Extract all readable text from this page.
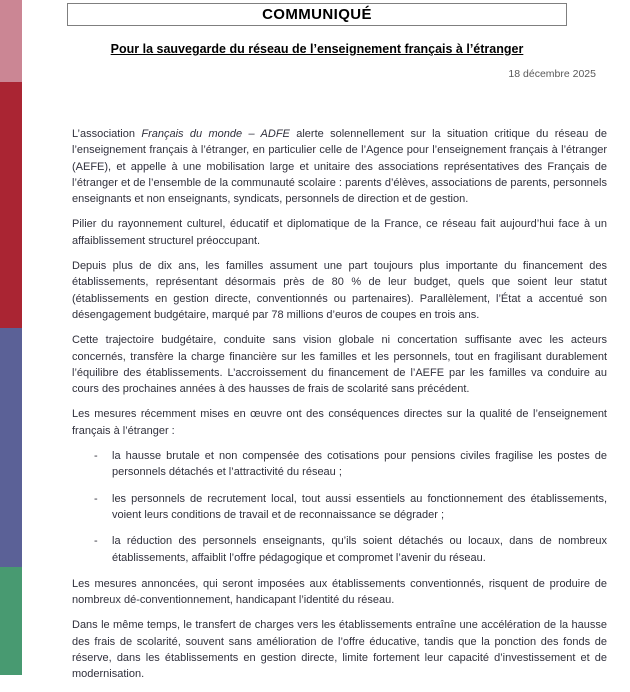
COMMUNIQUÉ
Pour la sauvegarde du réseau de l’enseignement français à l’étranger
18 décembre 2025

L’association Français du monde – ADFE alerte solennellement sur la situation critique du réseau de l’enseignement français à l’étranger, en particulier celle de l’Agence pour l’enseignement français à l’étranger (AEFE), et appelle à une mobilisation large et unitaire des associations représentatives des Français de l’étranger et de l’ensemble de la communauté scolaire : parents d’élèves, associations de parents, personnels enseignants et non enseignants, syndicats, personnels de direction et de gestion.

Pilier du rayonnement culturel, éducatif et diplomatique de la France, ce réseau fait aujourd’hui face à un affaiblissement structurel préoccupant.

Depuis plus de dix ans, les familles assument une part toujours plus importante du financement des établissements, représentant désormais près de 80 % de leur budget, quels que soient leur statut (établissements en gestion directe, conventionnés ou partenaires). Parallèlement, l’État a accentué son désengagement budgétaire, marqué par 78 millions d’euros de coupes en trois ans.

Cette trajectoire budgétaire, conduite sans vision globale ni concertation suffisante avec les acteurs concernés, transfère la charge financière sur les familles et les personnels, tout en fragilisant durablement l’équilibre des établissements. L’accroissement du financement de l’AEFE par les familles va conduire au cours des prochaines années à des hausses de frais de scolarité sans précédent.

Les mesures récemment mises en œuvre ont des conséquences directes sur la qualité de l’enseignement français à l’étranger :

-	la hausse brutale et non compensée des cotisations pour pensions civiles fragilise les postes de personnels détachés et l’attractivité du réseau ;
-	les personnels de recrutement local, tout aussi essentiels au fonctionnement des établissements, voient leurs conditions de travail et de reconnaissance se dégrader ;
-	la réduction des personnels enseignants, qu’ils soient détachés ou locaux, dans de nombreux établissements, affaiblit l’offre pédagogique et compromet l’avenir du réseau.

Les mesures annoncées, qui seront imposées aux établissements conventionnés, risquent de produire de nombreux dé-conventionnement, handicapant l’identité du réseau.

Dans le même temps, le transfert de charges vers les établissements entraîne une accélération de la hausse des frais de scolarité, souvent sans amélioration de l’offre éducative, tandis que la ponction des fonds de réserve, dans les établissements en gestion directe, limite fortement leur capacité d’investissement et de modernisation.
